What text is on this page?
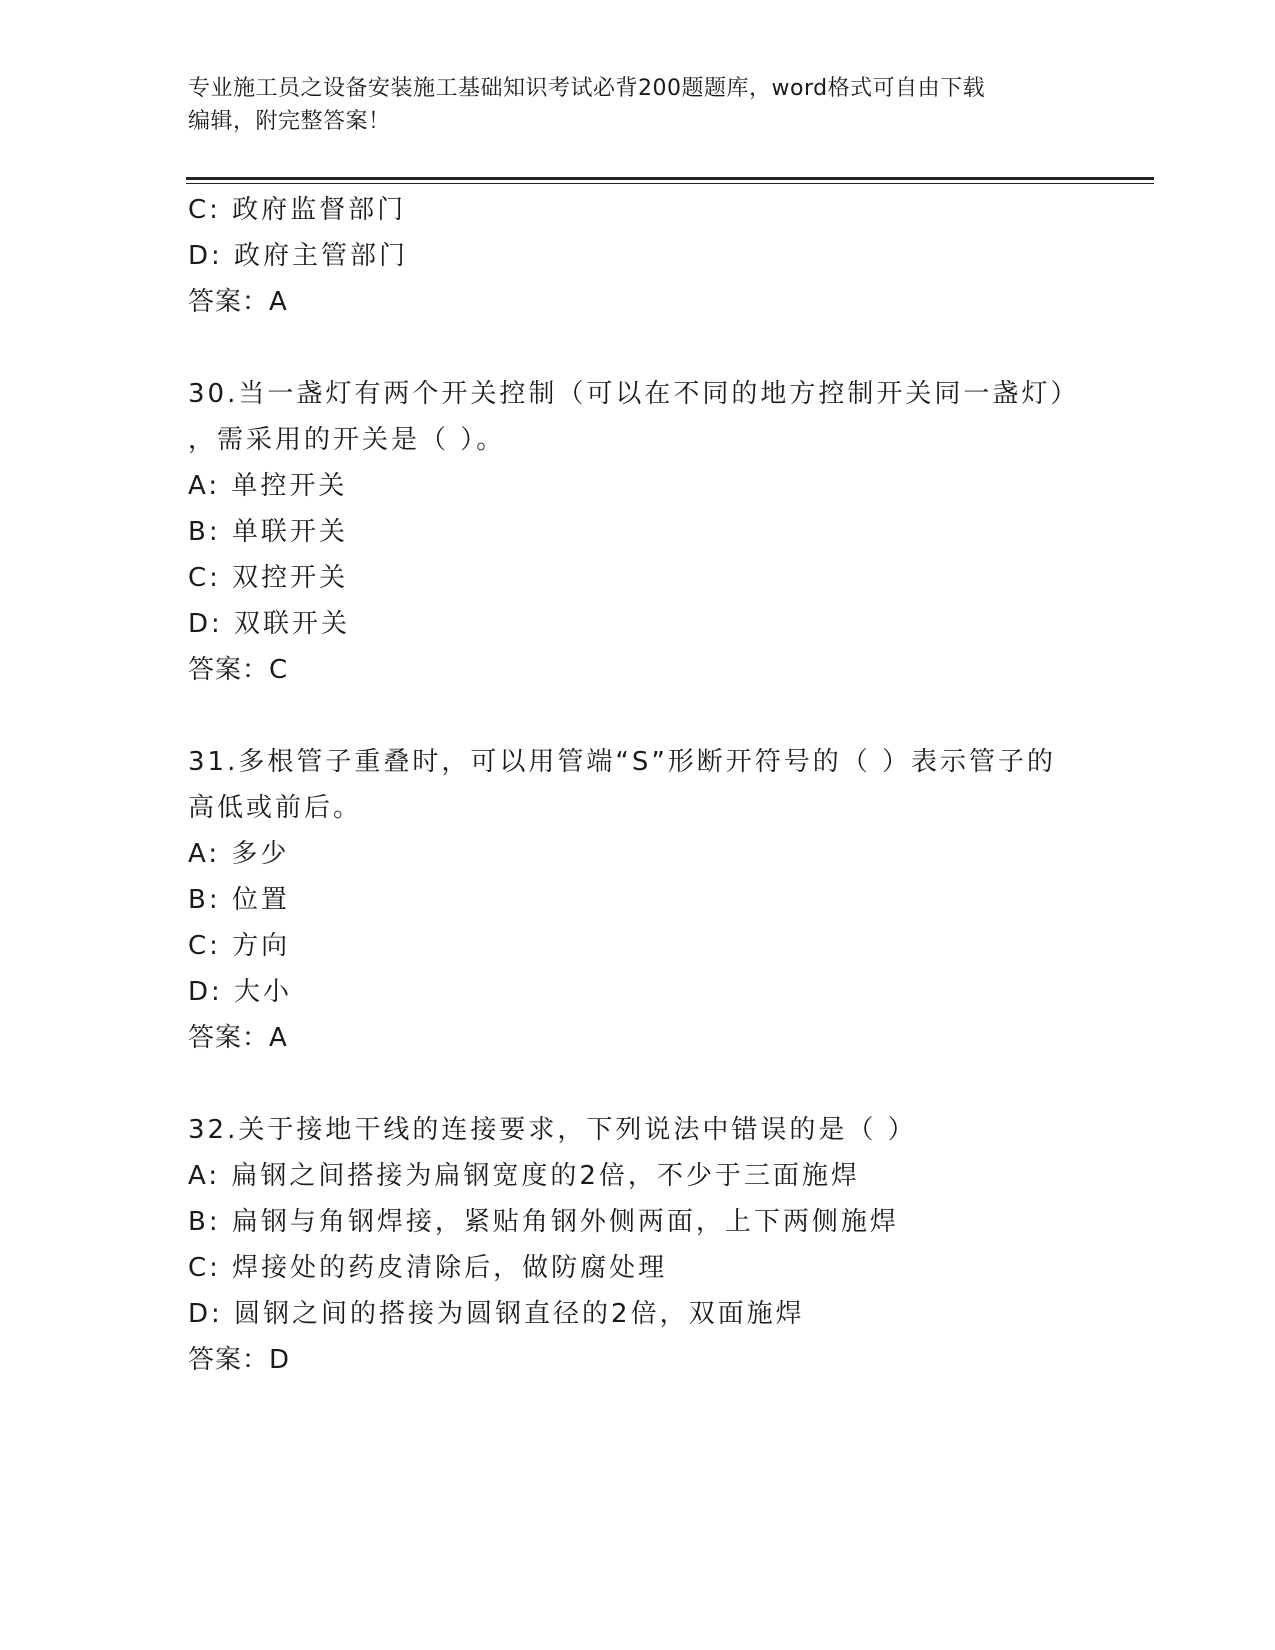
专业施工员之设备安装施工基础知识考试必背200题题库，word格式可自由下载
编辑，附完整答案！
C: 政府监督部门
D: 政府主管部门
答案：A
30.当一盏灯有两个开关控制（可以在不同的地方控制开关同一盏灯）
，需采用的开关是（ ）。
A: 单控开关
B: 单联开关
C: 双控开关
D: 双联开关
答案：C
31.多根管子重叠时，可以用管端“S”形断开符号的（ ）表示管子的
高低或前后。
A: 多少
B: 位置
C: 方向
D: 大小
答案：A
32.关于接地干线的连接要求，下列说法中错误的是（ ）
A: 扁钢之间搭接为扁钢宽度的2倍，不少于三面施焊
B: 扁钢与角钢焊接，紧贴角钢外侧两面，上下两侧施焊
C: 焊接处的药皮清除后，做防腐处理
D: 圆钢之间的搭接为圆钢直径的2倍，双面施焊
答案：D
